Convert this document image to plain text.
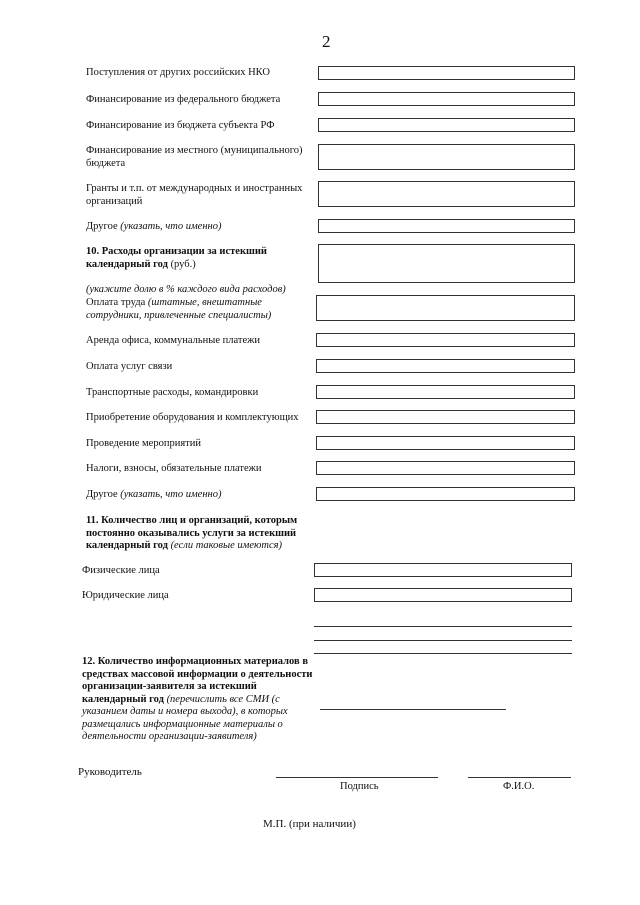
2
Поступления от других российских НКО
Финансирование из федерального бюджета
Финансирование из бюджета субъекта РФ
Финансирование из местного (муниципального) бюджета
Гранты и т.п. от международных и иностранных организаций
Другое (указать, что именно)
10. Расходы организации за истекший календарный год (руб.)
(укажите долю в % каждого вида расходов)
Оплата труда (штатные, внештатные сотрудники, привлеченные специалисты)
Аренда офиса, коммунальные платежи
Оплата услуг связи
Транспортные расходы, командировки
Приобретение оборудования и комплектующих
Проведение мероприятий
Налоги, взносы, обязательные платежи
Другое (указать, что именно)
11. Количество лиц и организаций, которым постоянно оказывались услуги за истекший календарный год (если таковые имеются)
Физические лица
Юридические лица
12. Количество информационных материалов в средствах массовой информации о деятельности организации-заявителя за истекший календарный год (перечислить все СМИ (с указанием даты и номера выхода), в которых размещались информационные материалы о деятельности организации-заявителя)
Руководитель
Подпись	Ф.И.О.
М.П. (при наличии)
